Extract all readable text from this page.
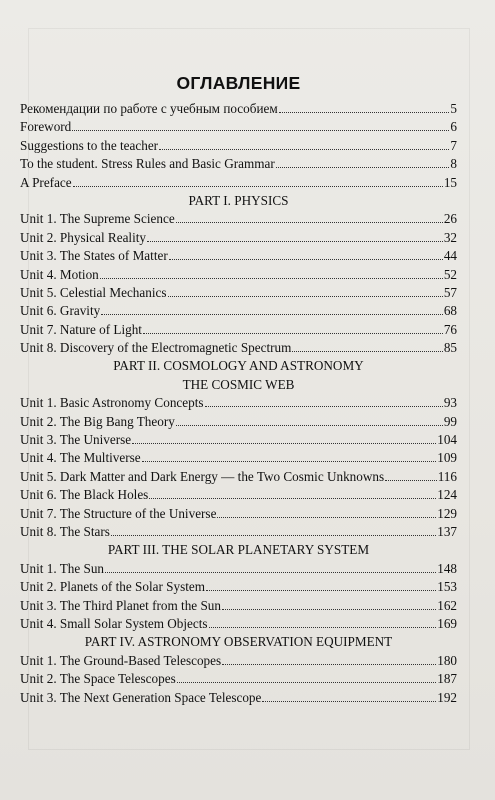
ОГЛАВЛЕНИЕ
Рекомендации по работе с учебным пособием	5
Foreword	6
Suggestions to the teacher	7
To the student. Stress Rules and Basic Grammar	8
A Preface	15
PART I. PHYSICS
Unit 1. The Supreme Science	26
Unit 2. Physical Reality	32
Unit 3. The States of Matter	44
Unit 4. Motion	52
Unit 5. Celestial Mechanics	57
Unit 6. Gravity	68
Unit 7. Nature of Light	76
Unit 8. Discovery of the Electromagnetic Spectrum	85
PART II. COSMOLOGY AND ASTRONOMY
THE COSMIC WEB
Unit 1. Basic Astronomy Concepts	93
Unit 2. The Big Bang Theory	99
Unit 3. The Universe	104
Unit 4. The Multiverse	109
Unit 5. Dark Matter and Dark Energy — the Two Cosmic Unknowns	116
Unit 6. The Black Holes	124
Unit 7. The Structure of the Universe	129
Unit 8. The Stars	137
PART III. THE SOLAR PLANETARY SYSTEM
Unit 1. The Sun	148
Unit 2. Planets of the Solar System	153
Unit 3. The Third Planet from the Sun	162
Unit 4. Small Solar System Objects	169
PART IV. ASTRONOMY OBSERVATION EQUIPMENT
Unit 1. The Ground-Based Telescopes	180
Unit 2. The Space Telescopes	187
Unit 3. The Next Generation Space Telescope	192
